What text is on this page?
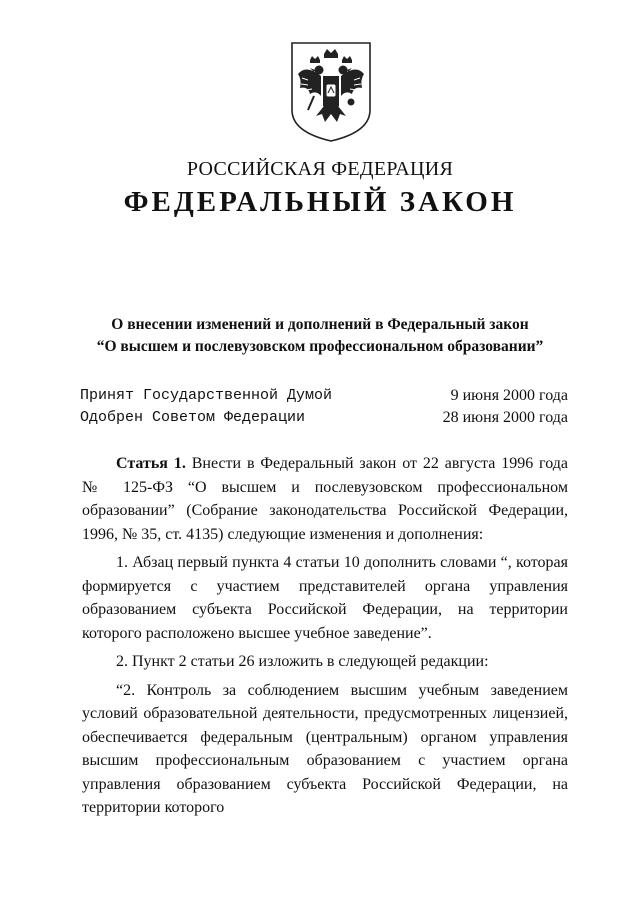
РОССИЙСКАЯ ФЕДЕРАЦИЯ
ФЕДЕРАЛЬНЫЙ ЗАКОН
О внесении изменений и дополнений в Федеральный закон
“О высшем и послевузовском профессиональном образовании”
Принят Государственной Думой	9 июня 2000 года
Одобрен Советом Федерации	28 июня 2000 года

Статья 1. Внести в Федеральный закон от 22 августа 1996 года № 125-ФЗ “О высшем и послевузовском профессиональном образовании” (Собрание законодательства Российской Федерации, 1996, № 35, ст. 4135) следующие изменения и дополнения:

1. Абзац первый пункта 4 статьи 10 дополнить словами “, которая формируется с участием представителей органа управления образованием субъекта Российской Федерации, на территории которого расположено высшее учебное заведение”.

2. Пункт 2 статьи 26 изложить в следующей редакции:

“2. Контроль за соблюдением высшим учебным заведением условий образовательной деятельности, предусмотренных лицензией, обеспечивается федеральным (центральным) органом управления высшим профессиональным образованием с участием органа управления образованием субъекта Российской Федерации, на территории которого
